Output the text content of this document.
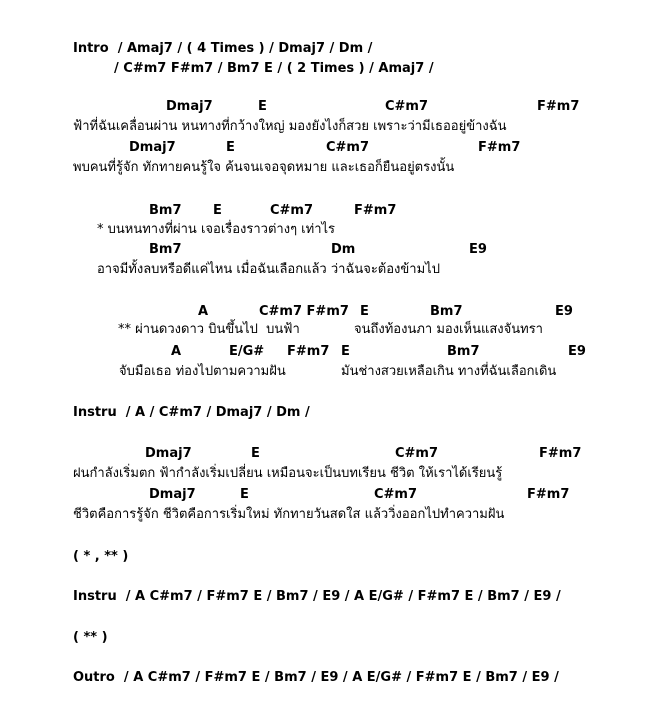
Intro  / Amaj7 / ( 4 Times ) / Dmaj7 / Dm /
/ C#m7 F#m7 / Bm7 E / ( 2 Times ) / Amaj7 /
Dmaj7	E	C#m7	F#m7
ฟ้าที่ฉันเคลื่อนผ่าน หนทางที่กว้างใหญ่ มองยังไงก็สวย เพราะว่ามีเธออยู่ข้างฉัน
Dmaj7	E	C#m7	F#m7
พบคนที่รู้จัก ทักทายคนรู้ใจ ค้นจนเจอจุดหมาย และเธอก็ยืนอยู่ตรงนั้น
Bm7 E	C#m7	F#m7
* บนหนทางที่ผ่าน เจอเรื่องราวต่างๆ เท่าไร
Bm7	Dm	E9
อาจมีทั้งลบหรือดีแค่ไหน เมื่อฉันเลือกแล้ว ว่าฉันจะต้องข้ามไป
A	C#m7 F#m7 E	Bm7	E9
** ผ่านดวงดาว บินขึ้นไป  บนฟ้า	จนถึงท้องนภา มองเห็นแสงจันทรา
A	E/G# F#m7 E	Bm7	E9
จับมือเธอ ท่องไปตามความฝัน	มันช่างสวยเหลือเกิน ทางที่ฉันเลือกเดิน
Instru  / A / C#m7 / Dmaj7 / Dm /
Dmaj7	E	C#m7	F#m7
ฝนกำลังเริ่มตก ฟ้ากำลังเริ่มเปลี่ยน เหมือนจะเป็นบทเรียน ชีวิต ให้เราได้เรียนรู้
Dmaj7	E	C#m7	F#m7
ชีวิตคือการรู้จัก ชีวิตคือการเริ่มใหม่ ทักทายวันสดใส แล้ววิ่งออกไปทำความฝัน
( * , ** )
Instru  / A C#m7 / F#m7 E / Bm7 / E9 / A E/G# / F#m7 E / Bm7 / E9 /
( ** )
Outro  / A C#m7 / F#m7 E / Bm7 / E9 / A E/G# / F#m7 E / Bm7 / E9 /
